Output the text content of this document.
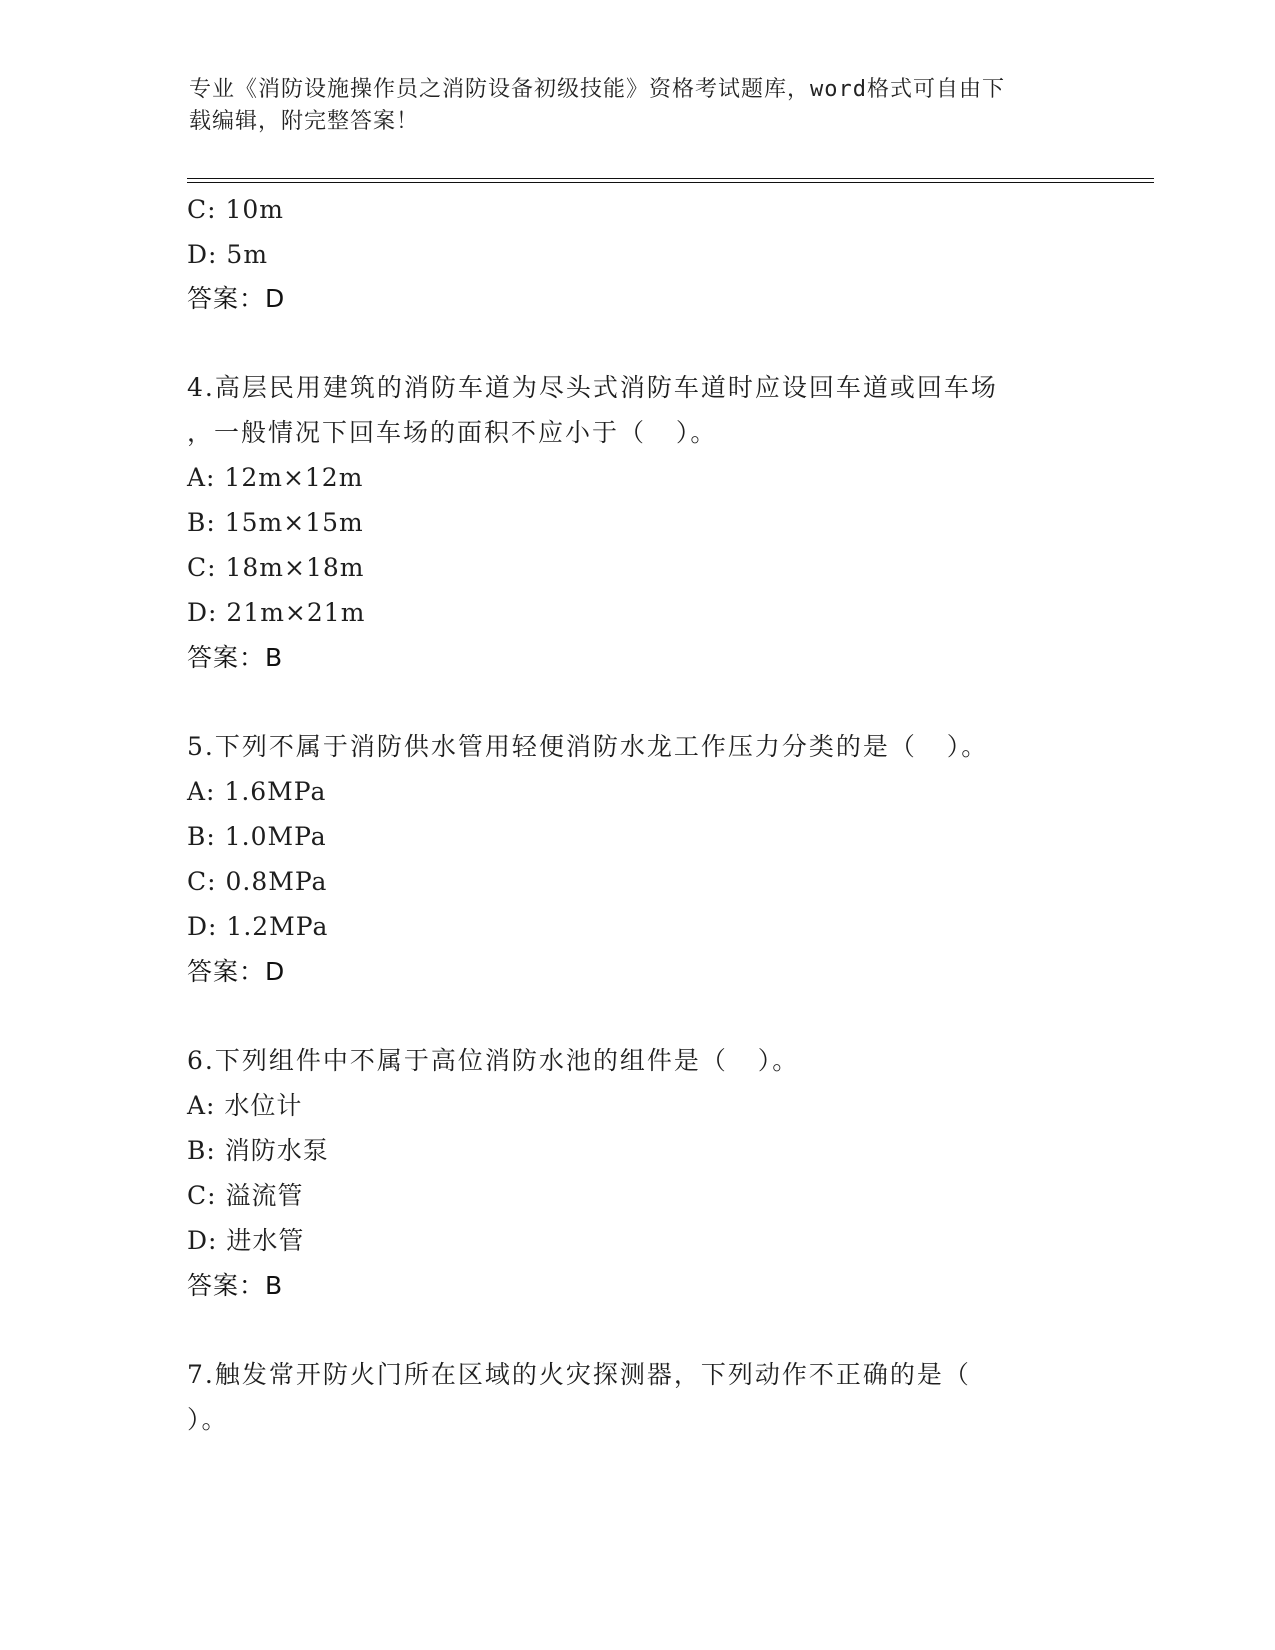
专业《消防设施操作员之消防设备初级技能》资格考试题库，word格式可自由下
载编辑，附完整答案！
C: 10m
D: 5m
答案：D
4.高层民用建筑的消防车道为尽头式消防车道时应设回车道或回车场
，一般情况下回车场的面积不应小于（   ）。
A: 12m×12m
B: 15m×15m
C: 18m×18m
D: 21m×21m
答案：B
5.下列不属于消防供水管用轻便消防水龙工作压力分类的是（   ）。
A: 1.6MPa
B: 1.0MPa
C: 0.8MPa
D: 1.2MPa
答案：D
6.下列组件中不属于高位消防水池的组件是（   ）。
A: 水位计
B: 消防水泵
C: 溢流管
D: 进水管
答案：B
7.触发常开防火门所在区域的火灾探测器，下列动作不正确的是（
）。
